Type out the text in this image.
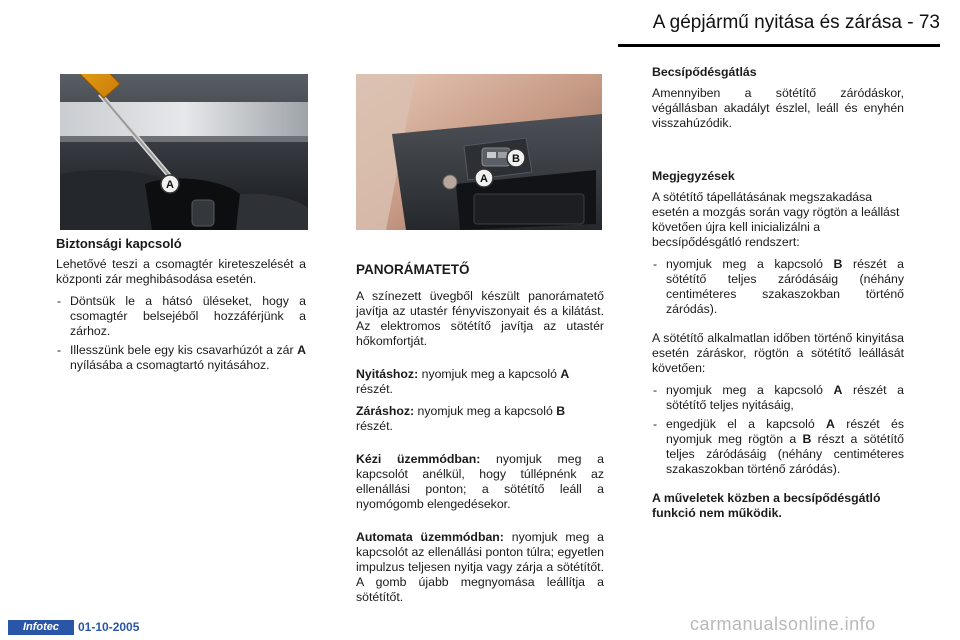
A gépjármű nyitása és zárása - 73
A
B
A
Biztonsági kapcsoló

Lehetővé teszi a csomagtér kireteszelését a központi zár meghibásodása esetén.

- Döntsük le a hátsó üléseket, hogy a csomagtér belsejéből hozzáférjünk a zárhoz.
- Illesszünk bele egy kis csavarhúzót a zár A nyílásába a csomagtartó nyitásához.
PANORÁMATETŐ

A színezett üvegből készült panorámatető javítja az utastér fényviszonyait és a kilátást. Az elektromos sötétítő javítja az utastér hőkomfortját.

Nyitáshoz: nyomjuk meg a kapcsoló A részét.

Záráshoz: nyomjuk meg a kapcsoló B részét.

Kézi üzemmódban: nyomjuk meg a kapcsolót anélkül, hogy túllépnénk az ellenállási ponton; a sötétítő leáll a nyomógomb elengedésekor.

Automata üzemmódban: nyomjuk meg a kapcsolót az ellenállási ponton túlra; egyetlen impulzus teljesen nyitja vagy zárja a sötétítőt. A gomb újabb megnyomása leállítja a sötétítőt.

Becsípődésgátlás

Amennyiben a sötétítő záródáskor, végállásban akadályt észlel, leáll és enyhén visszahúzódik.

Megjegyzések

A sötétítő tápellátásának megszakadása esetén a mozgás során vagy rögtön a leállást követően újra kell inicializálni a becsípődésgátló rendszert:

- nyomjuk meg a kapcsoló B részét a sötétítő teljes záródásáig (néhány centiméteres szakaszokban történő záródás).

A sötétítő alkalmatlan időben történő kinyitása esetén záráskor, rögtön a sötétítő leállását követően:

- nyomjuk meg a kapcsoló A részét a sötétítő teljes nyitásáig,
- engedjük el a kapcsoló A részét és nyomjuk meg rögtön a B részt a sötétítő teljes záródásáig (néhány centiméteres szakaszokban történő záródás).

A műveletek közben a becsípődésgátló funkció nem működik.

Infotec	01-10-2005	carmanualsonline.info
